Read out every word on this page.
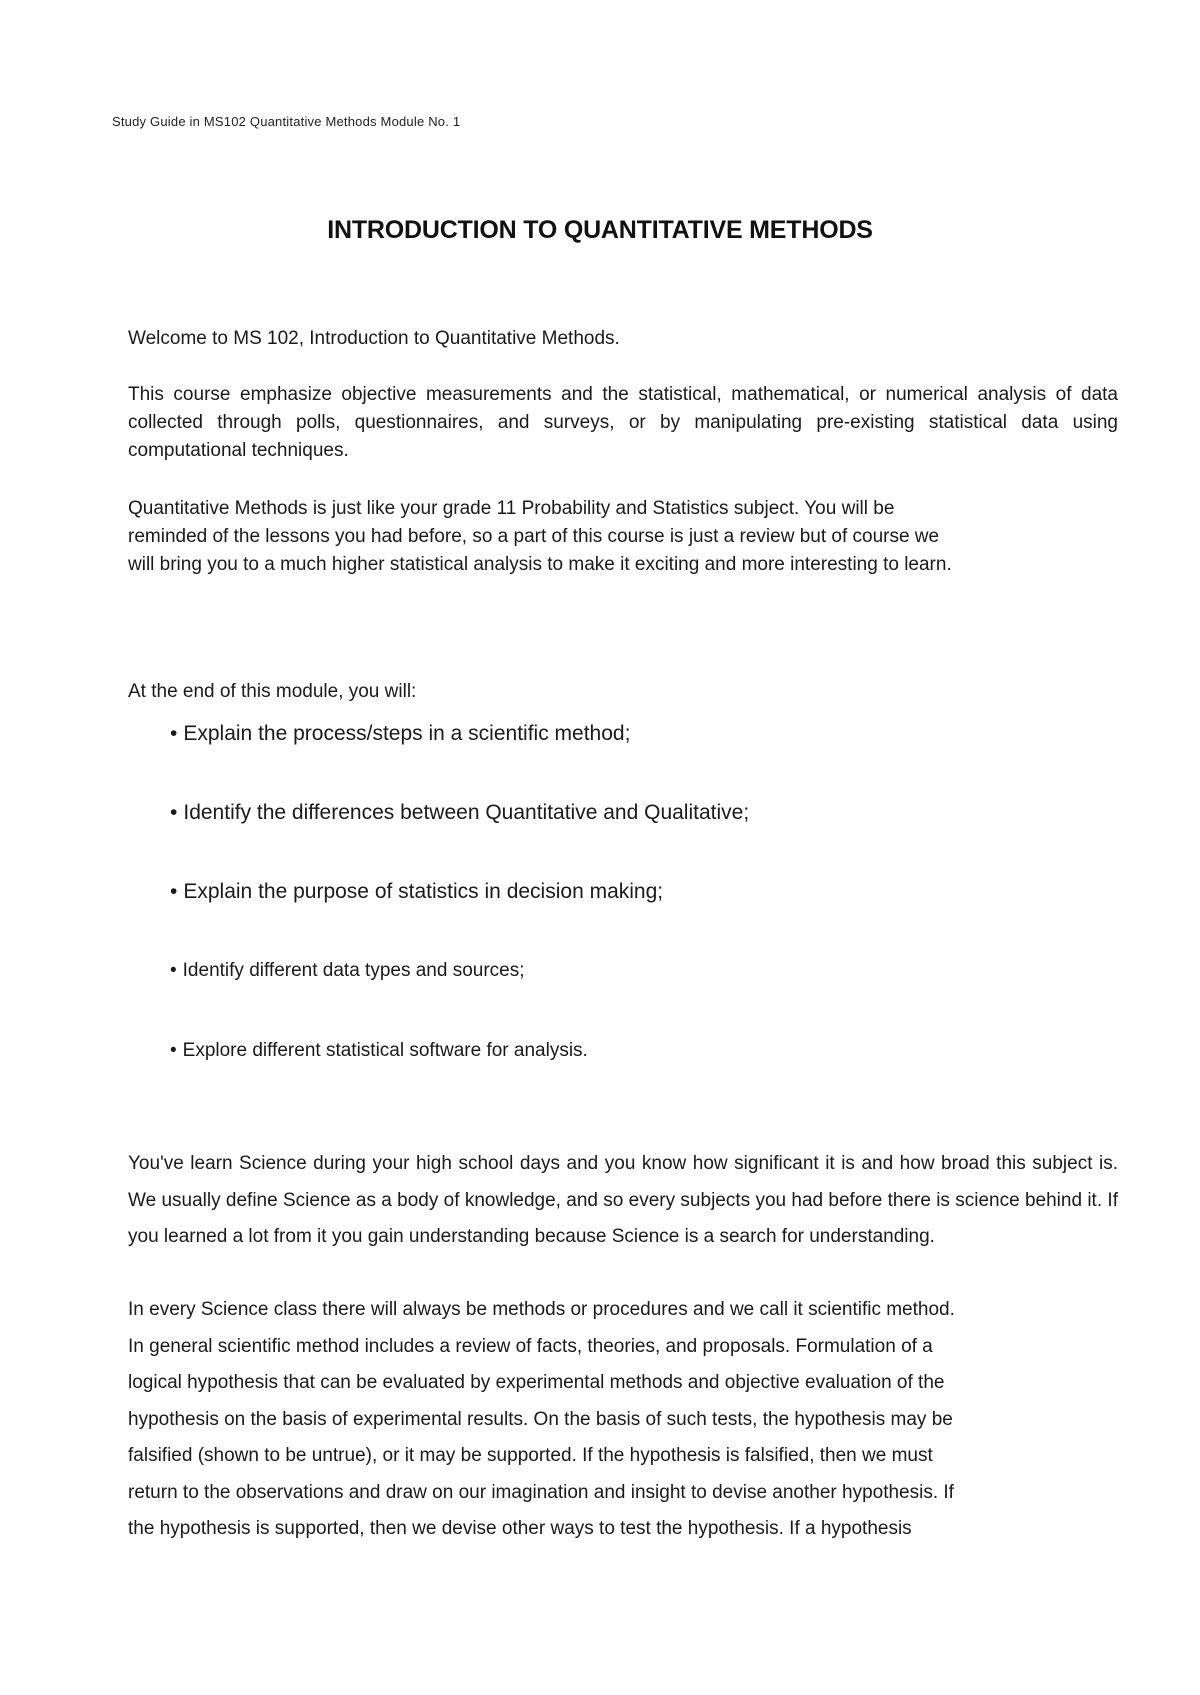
Study Guide in MS102 Quantitative Methods Module No. 1
INTRODUCTION TO QUANTITATIVE METHODS
Welcome to MS 102, Introduction to Quantitative Methods.
This course emphasize objective measurements and the statistical, mathematical, or numerical analysis of data collected through polls, questionnaires, and surveys, or by manipulating pre-existing statistical data using computational techniques.
Quantitative Methods is just like your grade 11 Probability and Statistics subject. You will be
reminded of the lessons you had before, so a part of this course is just a review but of course we
will bring you to a much higher statistical analysis to make it exciting and more interesting to learn.
At the end of this module, you will:
• Explain the process/steps in a scientific method;
• Identify the differences between Quantitative and Qualitative;
• Explain the purpose of statistics in decision making;
• Identify different data types and sources;
• Explore different statistical software for analysis.
You've learn Science during your high school days and you know how significant it is and how broad this subject is. We usually define Science as a body of knowledge, and so every subjects you had before there is science behind it. If you learned a lot from it you gain understanding because Science is a search for understanding.
In every Science class there will always be methods or procedures and we call it scientific method.
In general scientific method includes a review of facts, theories, and proposals. Formulation of a
logical hypothesis that can be evaluated by experimental methods and objective evaluation of the
hypothesis on the basis of experimental results. On the basis of such tests, the hypothesis may be
falsified (shown to be untrue), or it may be supported. If the hypothesis is falsified, then we must
return to the observations and draw on our imagination and insight to devise another hypothesis. If
the hypothesis is supported, then we devise other ways to test the hypothesis. If a hypothesis
